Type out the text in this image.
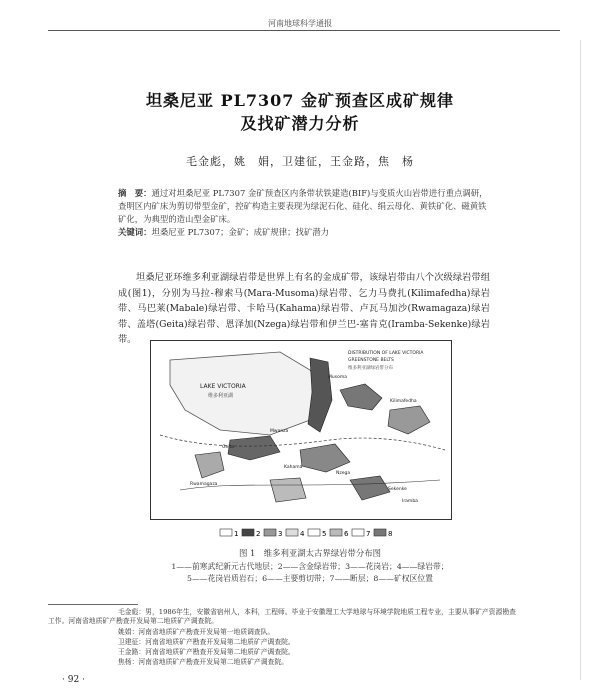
河南地球科学通报
坦桑尼亚 PL7307 金矿预查区成矿规律
及找矿潜力分析
毛金彪，姚　娟，卫建征，王金路，焦　杨
摘　要：通过对坦桑尼亚 PL7307 金矿预查区内条带状铁建造(BIF)与变质火山岩带进行重点调研，查明区内矿床为剪切带型金矿，控矿构造主要表现为绿泥石化、硅化、绢云母化、黄铁矿化、磁黄铁矿化，为典型的造山型金矿床。
关键词：坦桑尼亚 PL7307；金矿；成矿规律；找矿潜力
坦桑尼亚环维多利亚湖绿岩带是世界上有名的金成矿带，该绿岩带由八个次级绿岩带组成(图1)，分别为马拉-穆索马(Mara-Musoma)绿岩带、乞力马费扎(Kilimafedha)绿岩带、马巴莱(Mabale)绿岩带、卡哈马(Kahama)绿岩带、卢瓦马加沙(Rwamagaza)绿岩带、盖塔(Geita)绿岩带、恩泽加(Nzega)绿岩带和伊兰巴-塞肯克(Iramba-Sekenke)绿岩带。
LAKE VICTORIA
维多利亚湖
DISTRIBUTION OF LAKE VICTORIA
GREENSTONE BELTS
维多利亚湖绿岩带分布
Musoma
Mwanza
Geita
Kahama
Nzega
Sekenke
Iramba
Rwamagaza
Kilimafedha
1	2	3	4	5	6	7	8
图 1　维多利亚湖太古界绿岩带分布图
1——前寒武纪新元古代地层；2——含金绿岩带；3——花岗岩；4——绿岩带；
5——花岗岩质岩石；6——主要剪切带；7——断层；8——矿权区位置
毛金彪：男，1986年生，安徽省宿州人，本科，工程师。毕业于安徽理工大学地球与环境学院地质工程专业，主要从事矿产资源勘查工作。河南省地质矿产勘查开发局第二地质矿产调查院。
姚娟：河南省地质矿产勘查开发局第一地质调查队。
卫建征：河南省地质矿产勘查开发局第二地质矿产调查院。
王金路：河南省地质矿产勘查开发局第二地质矿产调查院。
焦杨：河南省地质矿产勘查开发局第二地质矿产调查院。
· 92 ·
